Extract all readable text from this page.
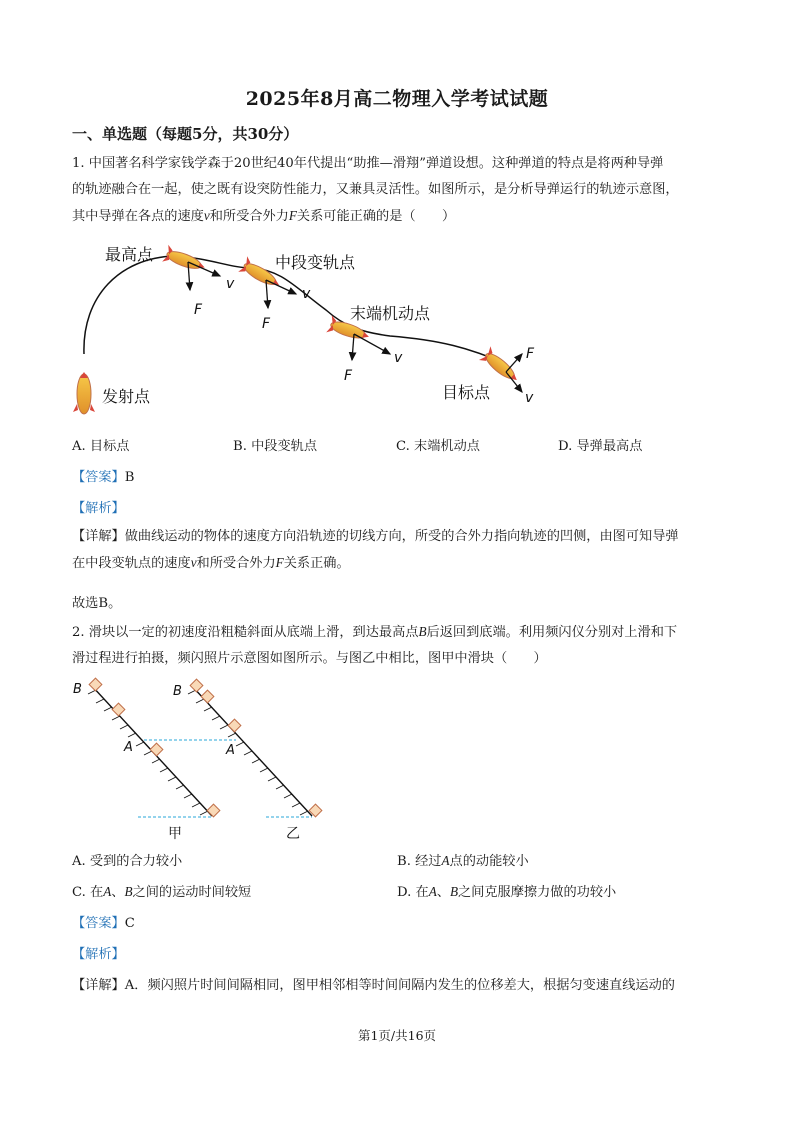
2025年8月高二物理入学考试试题
一、单选题（每题5分，共30分）
1. 中国著名科学家钱学森于20世纪40年代提出“助推—滑翔”弹道设想。这种弹道的特点是将两种导弹
的轨迹融合在一起，使之既有设突防性能力，又兼具灵活性。如图所示，是分析导弹运行的轨迹示意图，
其中导弹在各点的速度v和所受合外力F关系可能正确的是（　　）
最高点	中段变轨点
末端机动点
目标点
发射点
v
F
v
F
v
F
v
F
A. 目标点	B. 中段变轨点	C. 末端机动点	D. 导弹最高点
【答案】B
【解析】
【详解】做曲线运动的物体的速度方向沿轨迹的切线方向，所受的合外力指向轨迹的凹侧，由图可知导弹
在中段变轨点的速度v和所受合外力F关系正确。
故选B。
2. 滑块以一定的初速度沿粗糙斜面从底端上滑，到达最高点B后返回到底端。利用频闪仪分别对上滑和下
滑过程进行拍摄，频闪照片示意图如图所示。与图乙中相比，图甲中滑块（　　）
B	B
A	A
甲	乙
A. 受到的合力较小	B. 经过A点的动能较小
C. 在A、B之间的运动时间较短	D. 在A、B之间克服摩擦力做的功较小
【答案】C
【解析】
【详解】A．频闪照片时间间隔相同，图甲相邻相等时间间隔内发生的位移差大，根据匀变速直线运动的
第1页/共16页
